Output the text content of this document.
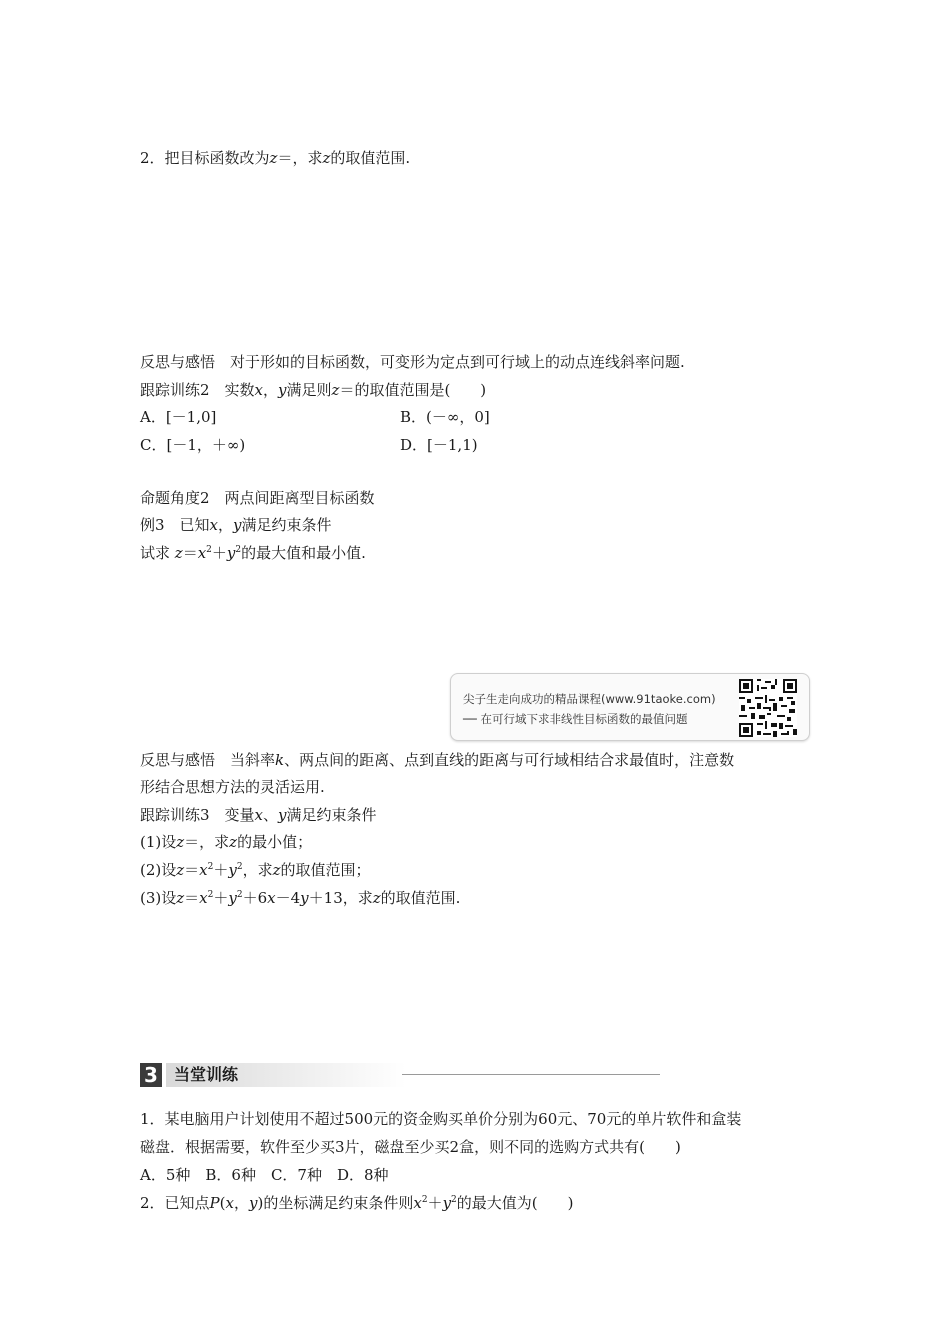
2．把目标函数改为z＝，求z的取值范围.
反思与感悟　对于形如的目标函数，可变形为定点到可行域上的动点连线斜率问题.
跟踪训练2　实数x，y满足则z＝的取值范围是(　　)
A．[－1,0]	B．(－∞，0]
C．[－1，＋∞)	D．[－1,1)
命题角度2　两点间距离型目标函数
例3　已知x，y满足约束条件
试求 $z=x^2+y^2$的最大值和最小值.
尖子生走向成功的精品课程(www.91taoke.com)
── 在可行域下求非线性目标函数的最值问题
反思与感悟　当斜率k、两点间的距离、点到直线的距离与可行域相结合求最值时，注意数
形结合思想方法的灵活运用.
跟踪训练3　变量x、y满足约束条件
(1)设z＝，求z的最小值；
(2)设$z=x^2+y^2$，求z的取值范围；
(3)设$z=x^2+y^2+6x-4y+13$，求z的取值范围.
3	当堂训练
1．某电脑用户计划使用不超过500元的资金购买单价分别为60元、70元的单片软件和盒装
磁盘．根据需要，软件至少买3片，磁盘至少买2盒，则不同的选购方式共有(　　)
A．5种　B．6种　C．7种　D．8种
2．已知点P(x，y)的坐标满足约束条件则$x^2+y^2$的最大值为(　　)
